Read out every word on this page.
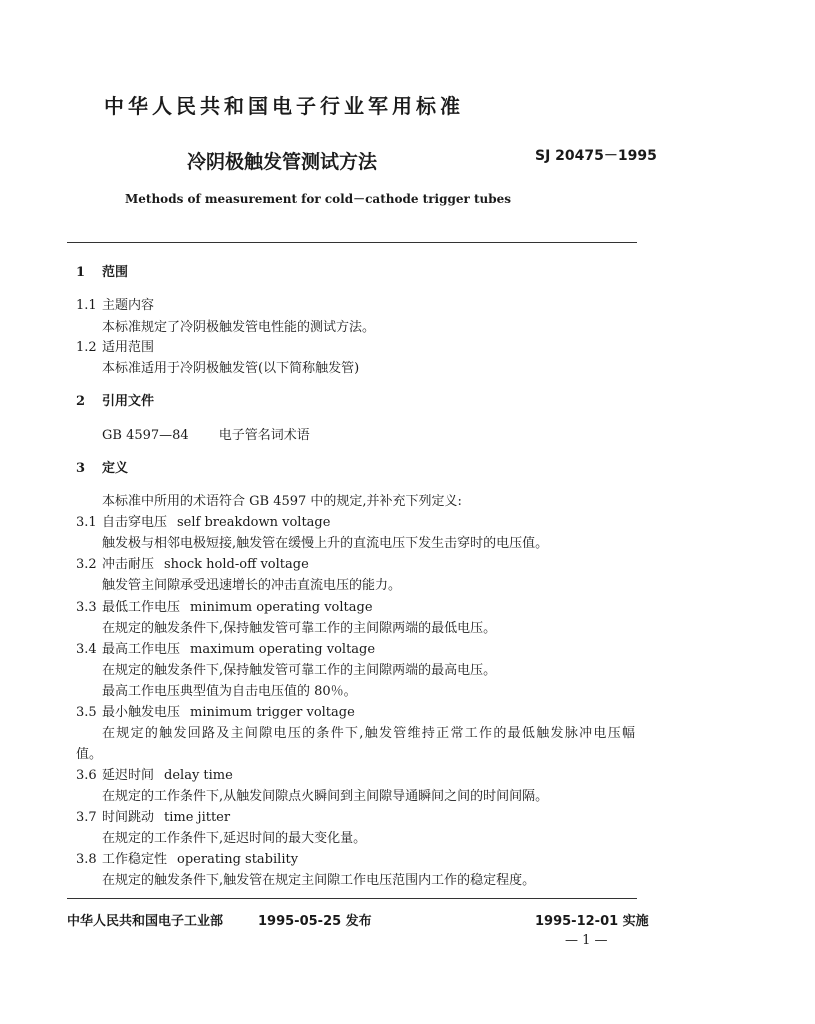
中华人民共和国电子行业军用标准
冷阴极触发管测试方法	SJ 20475－1995
Methods of measurement for cold－cathode trigger tubes
1 范围
1.1 主题内容
本标准规定了冷阴极触发管电性能的测试方法。
1.2 适用范围
本标准适用于冷阴极触发管(以下简称触发管)
2 引用文件
GB 4597—84 电子管名词术语
3 定义
本标准中所用的术语符合 GB 4597 中的规定,并补充下列定义:
3.1 自击穿电压 self breakdown voltage
触发极与相邻电极短接,触发管在缓慢上升的直流电压下发生击穿时的电压值。
3.2 冲击耐压 shock hold-off voltage
触发管主间隙承受迅速增长的冲击直流电压的能力。
3.3 最低工作电压 minimum operating voltage
在规定的触发条件下,保持触发管可靠工作的主间隙两端的最低电压。
3.4 最高工作电压 maximum operating voltage
在规定的触发条件下,保持触发管可靠工作的主间隙两端的最高电压。
最高工作电压典型值为自击电压值的 80％。
3.5 最小触发电压 minimum trigger voltage
在规定的触发回路及主间隙电压的条件下,触发管维持正常工作的最低触发脉冲电压幅
值。
3.6 延迟时间 delay time
在规定的工作条件下,从触发间隙点火瞬间到主间隙导通瞬间之间的时间间隔。
3.7 时间跳动 time jitter
在规定的工作条件下,延迟时间的最大变化量。
3.8 工作稳定性 operating stability
在规定的触发条件下,触发管在规定主间隙工作电压范围内工作的稳定程度。
中华人民共和国电子工业部	1995-05-25 发布	1995-12-01 实施
— 1 —
